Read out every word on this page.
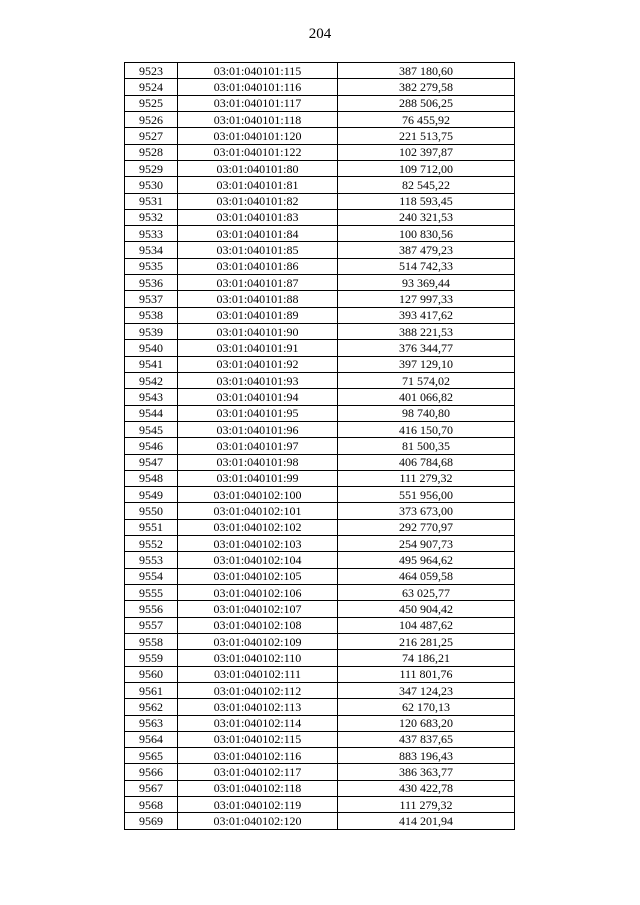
204
9523	03:01:040101:115	387 180,60
9524	03:01:040101:116	382 279,58
9525	03:01:040101:117	288 506,25
9526	03:01:040101:118	76 455,92
9527	03:01:040101:120	221 513,75
9528	03:01:040101:122	102 397,87
9529	03:01:040101:80	109 712,00
9530	03:01:040101:81	82 545,22
9531	03:01:040101:82	118 593,45
9532	03:01:040101:83	240 321,53
9533	03:01:040101:84	100 830,56
9534	03:01:040101:85	387 479,23
9535	03:01:040101:86	514 742,33
9536	03:01:040101:87	93 369,44
9537	03:01:040101:88	127 997,33
9538	03:01:040101:89	393 417,62
9539	03:01:040101:90	388 221,53
9540	03:01:040101:91	376 344,77
9541	03:01:040101:92	397 129,10
9542	03:01:040101:93	71 574,02
9543	03:01:040101:94	401 066,82
9544	03:01:040101:95	98 740,80
9545	03:01:040101:96	416 150,70
9546	03:01:040101:97	81 500,35
9547	03:01:040101:98	406 784,68
9548	03:01:040101:99	111 279,32
9549	03:01:040102:100	551 956,00
9550	03:01:040102:101	373 673,00
9551	03:01:040102:102	292 770,97
9552	03:01:040102:103	254 907,73
9553	03:01:040102:104	495 964,62
9554	03:01:040102:105	464 059,58
9555	03:01:040102:106	63 025,77
9556	03:01:040102:107	450 904,42
9557	03:01:040102:108	104 487,62
9558	03:01:040102:109	216 281,25
9559	03:01:040102:110	74 186,21
9560	03:01:040102:111	111 801,76
9561	03:01:040102:112	347 124,23
9562	03:01:040102:113	62 170,13
9563	03:01:040102:114	120 683,20
9564	03:01:040102:115	437 837,65
9565	03:01:040102:116	883 196,43
9566	03:01:040102:117	386 363,77
9567	03:01:040102:118	430 422,78
9568	03:01:040102:119	111 279,32
9569	03:01:040102:120	414 201,94
